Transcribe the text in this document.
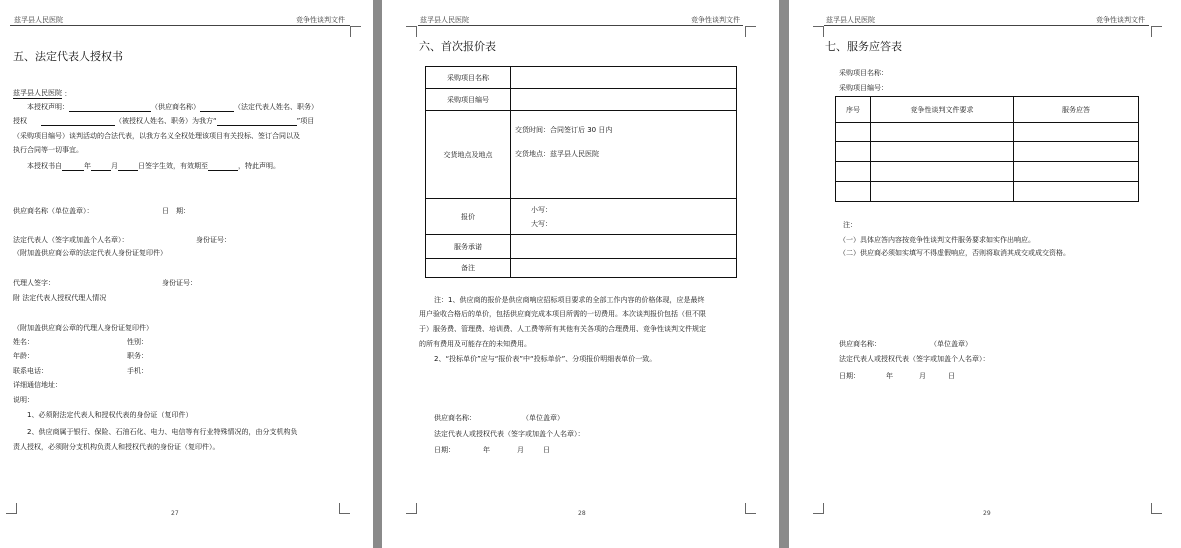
兹孚县人民医院	竞争性谈判文件
五、法定代表人授权书
兹孚县人民医院 ：
本授权声明：	（供应商名称）	（法定代表人姓名、职务）
授权	（被授权人姓名、职务）为我方“	”项目
（采购项目编号）谈判活动的合法代表，以我方名义全权处理该项目有关投标、签订合同以及
执行合同等一切事宜。
本授权书自	年	月	日签字生效，有效期至	，特此声明。
供应商名称（单位盖章）：	日　期：
法定代表人（签字或加盖个人名章）：	身份证号：
（附加盖供应商公章的法定代表人身份证复印件）
代理人签字：	身份证号：
附 法定代表人授权代理人情况
（附加盖供应商公章的代理人身份证复印件）
姓名：	性别：
年龄：	职务：
联系电话：	手机：
详细通信地址：
说明：
1、必须附法定代表人和授权代表的身份证（复印件）
2、供应商属于银行、保险、石油石化、电力、电信等有行业特殊情况的，由分支机构负
责人授权，必须附分支机构负责人和授权代表的身份证（复印件）。
27
兹孚县人民医院	竞争性谈判文件
六、首次报价表
采购项目名称	
采购项目编号	
交货地点及地点	交货时间：合同签订后 30 日内
交货地点：兹孚县人民医院

报价	小写：
大写：

服务承诺	
备注	
注：1、供应商的报价是供应商响应招标项目要求的全部工作内容的价格体现，应是最终
用户验收合格后的单价，包括供应商完成本项目所需的一切费用。本次谈判报价包括（但不限
于）服务费、管理费、培训费、人工费等所有其他有关各项的合理费用、竞争性谈判文件规定
的所有费用及可能存在的未知费用。
2、“投标单价”应与“报价表”中“投标单价”、分项报价明细表单价一致。
供应商名称：	（单位盖章）
法定代表人或授权代表（签字或加盖个人名章）：
日期：	年	月	日
28
兹孚县人民医院	竞争性谈判文件
七、服务应答表
采购项目名称：
采购项目编号：
序号	竞争性谈判文件要求	服务应答

注：
（一）具体应答内容按竞争性谈判文件服务要求如实作出响应。
（二）供应商必须如实填写不得虚假响应，否则将取消其成交或成交资格。
供应商名称：	（单位盖章）
法定代表人或授权代表（签字或加盖个人名章）：
日期：	年	月	日
29
